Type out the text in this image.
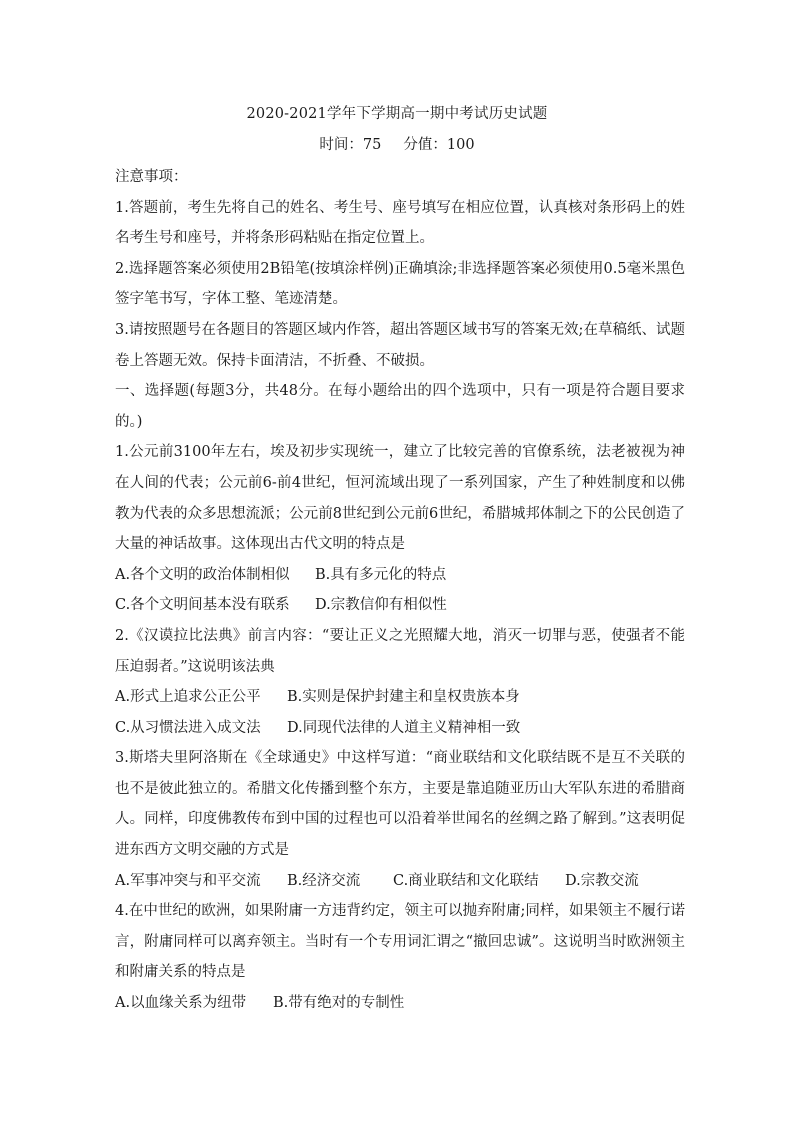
2020-2021学年下学期高一期中考试历史试题
时间：75 分值：100

注意事项：

1.答题前，考生先将自己的姓名、考生号、座号填写在相应位置，认真核对条形码上的姓名考生号和座号，并将条形码粘贴在指定位置上。

2.选择题答案必须使用2B铅笔(按填涂样例)正确填涂;非选择题答案必须使用0.5毫米黑色签字笔书写，字体工整、笔迹清楚。

3.请按照题号在各题目的答题区域内作答，超出答题区域书写的答案无效;在草稿纸、试题卷上答题无效。保持卡面清洁，不折叠、不破损。

一、选择题(每题3分，共48分。在每小题给出的四个选项中，只有一项是符合题目要求的。)

1.公元前3100年左右，埃及初步实现统一，建立了比较完善的官僚系统，法老被视为神在人间的代表；公元前6-前4世纪，恒河流域出现了一系列国家，产生了种姓制度和以佛教为代表的众多思想流派；公元前8世纪到公元前6世纪，希腊城邦体制之下的公民创造了大量的神话故事。这体现出古代文明的特点是

A.各个文明的政治体制相似	B.具有多元化的特点
C.各个文明间基本没有联系	D.宗教信仰有相似性

2.《汉谟拉比法典》前言内容：“要让正义之光照耀大地，消灭一切罪与恶，使强者不能压迫弱者。”这说明该法典

A.形式上追求公正公平	B.实则是保护封建主和皇权贵族本身
C.从习惯法进入成文法	D.同现代法律的人道主义精神相一致

3.斯塔夫里阿洛斯在《全球通史》中这样写道：“商业联结和文化联结既不是互不关联的也不是彼此独立的。希腊文化传播到整个东方，主要是靠追随亚历山大军队东进的希腊商人。同样，印度佛教传布到中国的过程也可以沿着举世闻名的丝绸之路了解到。”这表明促进东西方文明交融的方式是

A.军事冲突与和平交流	B.经济交流	C.商业联结和文化联结	D.宗教交流

4.在中世纪的欧洲，如果附庸一方违背约定，领主可以抛弃附庸;同样，如果领主不履行诺言，附庸同样可以离弃领主。当时有一个专用词汇谓之“撤回忠诚”。这说明当时欧洲领主和附庸关系的特点是

A.以血缘关系为纽带	B.带有绝对的专制性
